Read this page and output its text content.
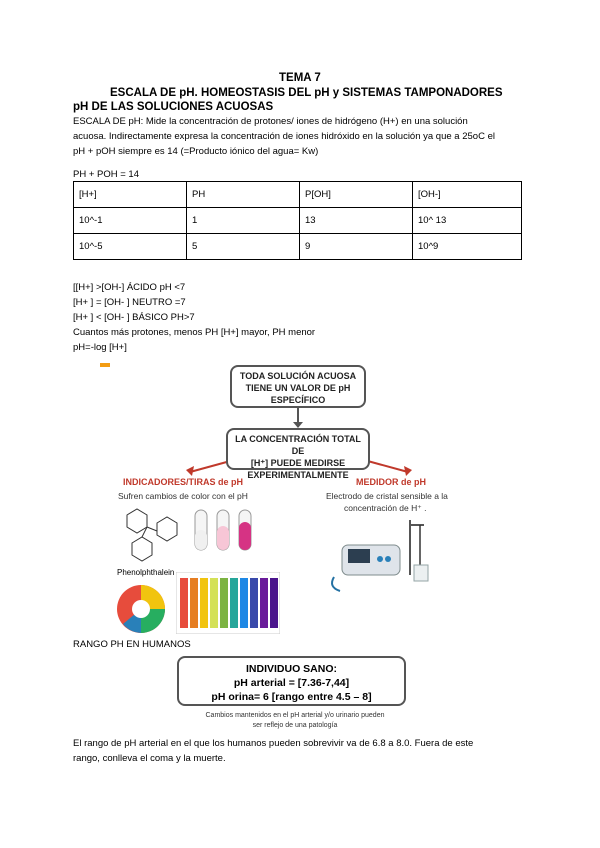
TEMA 7
ESCALA DE pH. HOMEOSTASIS DEL pH y SISTEMAS TAMPONADORES
pH DE LAS SOLUCIONES ACUOSAS
ESCALA DE pH: Mide la concentración de protones/ iones de hidrógeno (H+) en una solución
acuosa. Indirectamente expresa la concentración de iones hidróxido en la solución ya que a 25oC el
pH + pOH siempre es 14 (=Producto iónico del agua= Kw)
PH + POH = 14
[H+]	PH	P[OH]	[OH-]
10^-1	1	13	10^ 13
10^-5	5	9	10^9
[[H+] >[OH-] ÁCIDO pH <7
[H+ ] = [OH- ] NEUTRO =7
[H+ ] < [OH- ] BÁSICO PH>7
Cuantos más protones, menos PH [H+] mayor, PH menor
pH=-log [H+]
TODA SOLUCIÓN ACUOSA
TIENE UN VALOR DE pH
ESPECÍFICO
LA CONCENTRACIÓN TOTAL DE
[H⁺] PUEDE MEDIRSE
EXPERIMENTALMENTE
INDICADORES/TIRAS de pH
Sufren cambios de color con el pH
MEDIDOR de pH
Electrodo de cristal sensible a la
concentración de H⁺ .
Phenolphthalein
RANGO PH EN HUMANOS
INDIVIDUO SANO:
pH arterial = [7.36-7,44]
pH orina= 6 [rango entre 4.5 – 8]
Cambios mantenidos en el pH arterial y/o urinario pueden
ser reflejo de una patología
El rango de pH arterial en el que los humanos pueden sobrevivir va de 6.8 a 8.0. Fuera de este
rango, conlleva el coma y la muerte.
